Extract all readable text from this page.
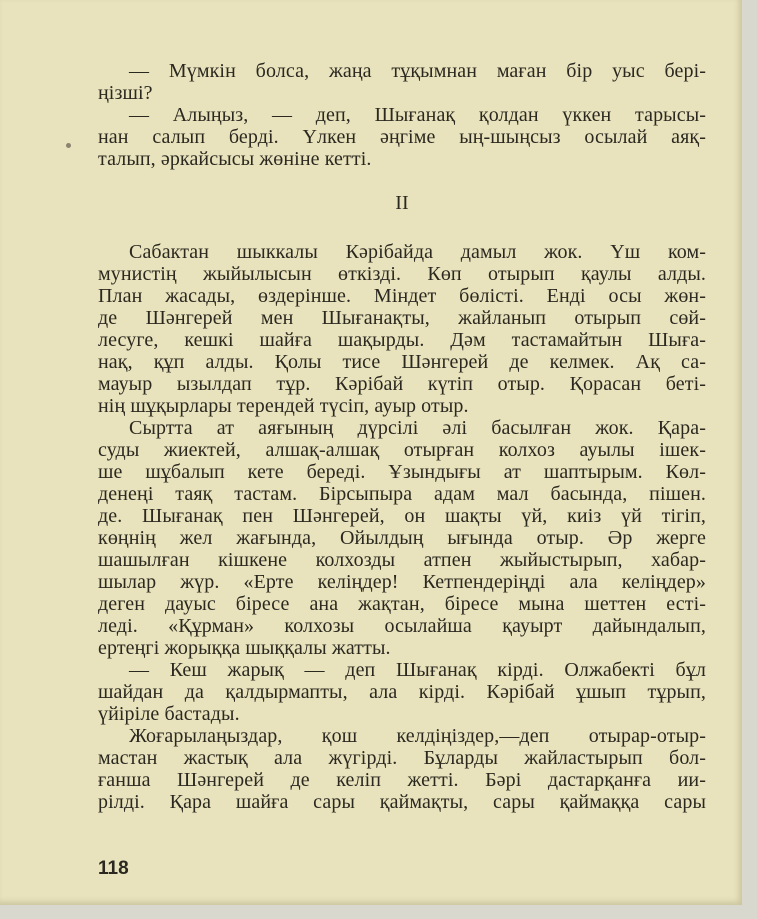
— Мүмкін болса, жаңа тұқымнан маған бір уыс бері-
ңізші?
— Алыңыз, — деп, Шығанақ қолдан үккен тарысы-
нан салып берді. Үлкен әңгіме ың-шыңсыз осылай аяқ-
талып, әркайсысы жөніне кетті.
II
Сабактан шыккалы Кәрібайда дамыл жок. Үш ком-
мунистің жыйылысын өткізді. Көп отырып қаулы алды.
План жасады, өздерінше. Міндет бөлісті. Енді осы жөн-
де Шәнгерей мен Шығанақты, жайланып отырып сөй-
лесуге, кешкі шайға шақырды. Дәм тастамайтын Шыға-
нақ, құп алды. Қолы тисе Шәнгерей де келмек. Ақ са-
мауыр ызылдап тұр. Кәрібай күтіп отыр. Қорасан беті-
нің шұқырлары терендей түсіп, ауыр отыр.
Сыртта ат аяғының дүрсілі әлі басылған жок. Қара-
суды жиектей, алшақ-алшақ отырған колхоз ауылы ішек-
ше шұбалып кете береді. Ұзындығы ат шаптырым. Көл-
денеңі таяқ тастам. Бірсыпыра адам мал басында, пішен.
де. Шығанақ пен Шәнгерей, он шақты үй, киіз үй тігіп,
көңнің жел жағында, Ойылдың ығында отыр. Әр жерге
шашылған кішкене колхозды атпен жыйыстырып, хабар-
шылар жүр. «Ерте келіңдер! Кетпендеріңді ала келіңдер»
деген дауыс біресе ана жақтан, біресе мына шеттен есті-
леді. «Құрман» колхозы осылайша қауырт дайындалып,
ертеңгі жорыққа шыққалы жатты.
— Кеш жарық — деп Шығанақ кірді. Олжабекті бұл
шайдан да қалдырмапты, ала кірді. Кәрібай ұшып тұрып,
үйіріле бастады.
Жоғарылаңыздар, қош келдіңіздер,—деп отырар-отыр-
мастан жастық ала жүгірді. Бұларды жайластырып бол-
ғанша Шәнгерей де келіп жетті. Бәрі дастарқанға ии-
рілді. Қара шайға сары қаймақты, сары қаймаққа сары
118
